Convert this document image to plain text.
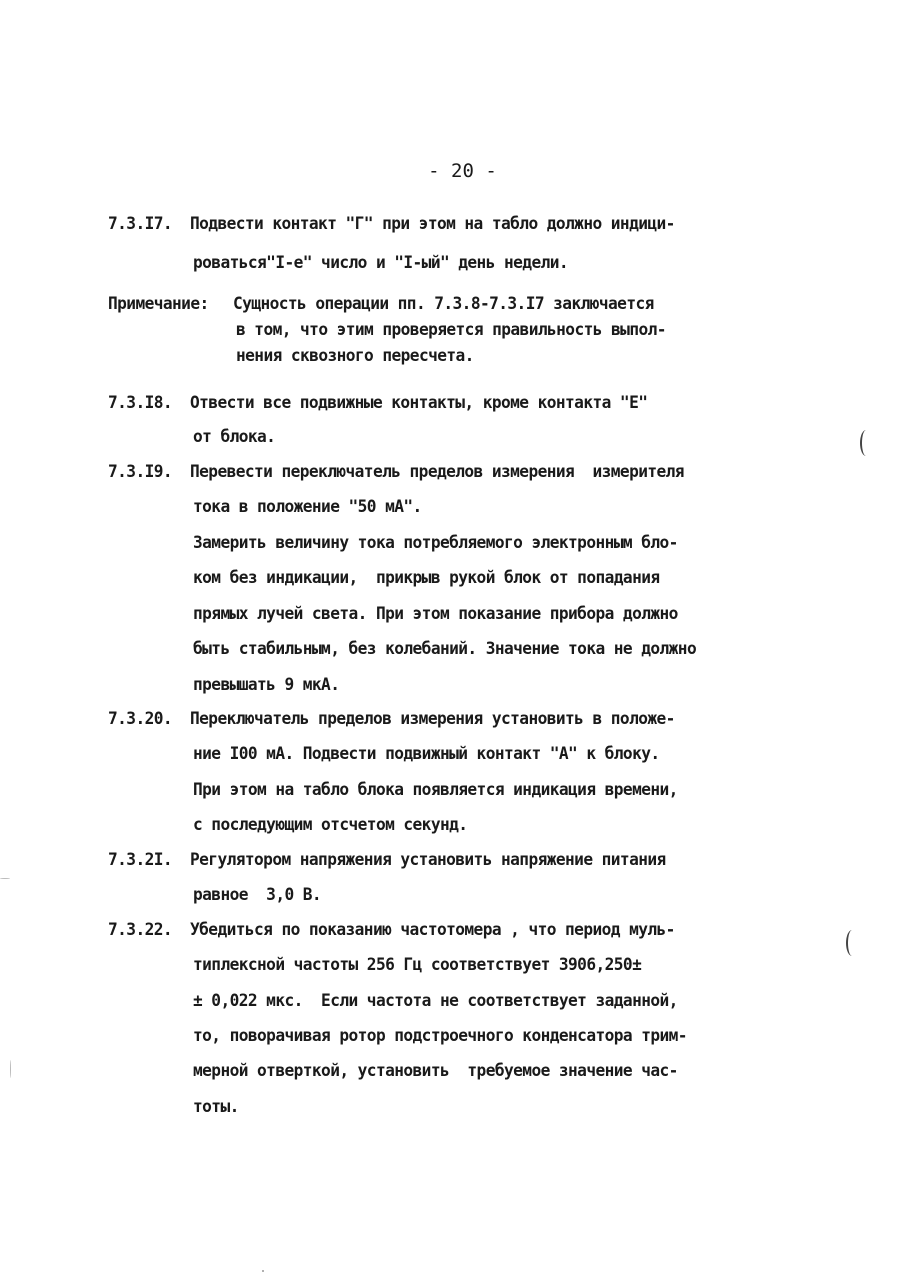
- 20 -
7.3.I7. Подвести контакт "Г" при этом на табло должно индици-
роваться"I-е" число и "I-ый" день недели.
Примечание: Сущность операции пп. 7.3.8-7.3.I7 заключается
в том, что этим проверяется правильность выпол-
нения сквозного пересчета.
7.3.I8. Отвести все подвижные контакты, кроме контакта "Е"
от блока.
7.3.I9. Перевести переключатель пределов измерения  измерителя
тока в положение "50 мА".
Замерить величину тока потребляемого электронным бло-
ком без индикации,  прикрыв рукой блок от попадания
прямых лучей света. При этом показание прибора должно
быть стабильным, без колебаний. Значение тока не должно
превышать 9 мкА.
7.3.20. Переключатель пределов измерения установить в положе-
ние I00 мА. Подвести подвижный контакт "А" к блоку.
При этом на табло блока появляется индикация времени,
с последующим отсчетом секунд.
7.3.2I. Регулятором напряжения установить напряжение питания
равное  3,0 В.
7.3.22. Убедиться по показанию частотомера , что период муль-
типлексной частоты 256 Гц соответствует 3906,250±
± 0,022 мкс.  Если частота не соответствует заданной,
то, поворачивая ротор подстроечного конденсатора трим-
мерной отверткой, установить  требуемое значение час-
тоты.
